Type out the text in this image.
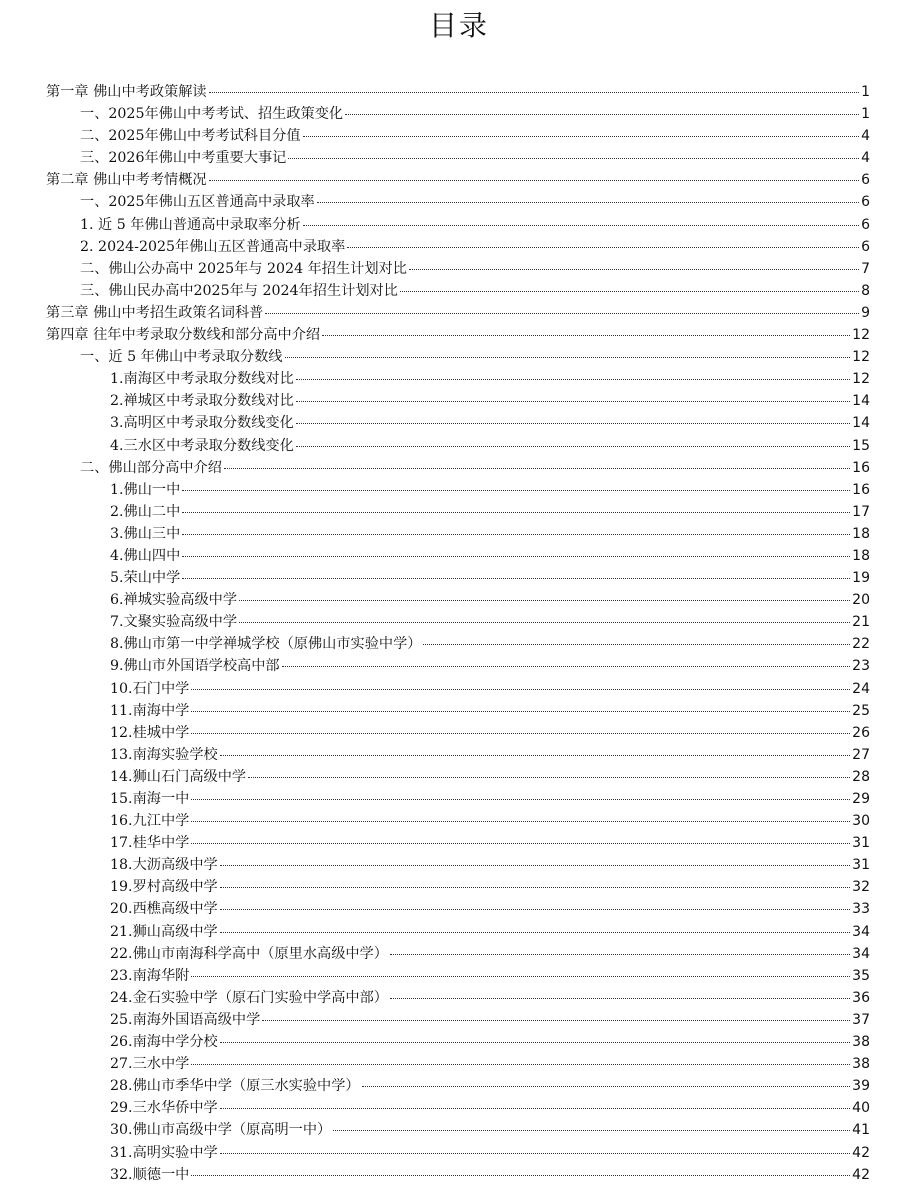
目录
第一章 佛山中考政策解读	1
一、2025年佛山中考考试、招生政策变化	1
二、2025年佛山中考考试科目分值	4
三、2026年佛山中考重要大事记	4
第二章 佛山中考考情概况	6
一、2025年佛山五区普通高中录取率	6
1. 近 5 年佛山普通高中录取率分析	6
2. 2024-2025年佛山五区普通高中录取率	6
二、佛山公办高中 2025年与 2024 年招生计划对比	7
三、佛山民办高中2025年与 2024年招生计划对比	8
第三章 佛山中考招生政策名词科普	9
第四章 往年中考录取分数线和部分高中介绍	12
一、近 5 年佛山中考录取分数线	12
1.南海区中考录取分数线对比	12
2.禅城区中考录取分数线对比	14
3.高明区中考录取分数线变化	14
4.三水区中考录取分数线变化	15
二、佛山部分高中介绍	16
1.佛山一中	16
2.佛山二中	17
3.佛山三中	18
4.佛山四中	18
5.荣山中学	19
6.禅城实验高级中学	20
7.文聚实验高级中学	21
8.佛山市第一中学禅城学校（原佛山市实验中学）	22
9.佛山市外国语学校高中部	23
10.石门中学	24
11.南海中学	25
12.桂城中学	26
13.南海实验学校	27
14.狮山石门高级中学	28
15.南海一中	29
16.九江中学	30
17.桂华中学	31
18.大沥高级中学	31
19.罗村高级中学	32
20.西樵高级中学	33
21.狮山高级中学	34
22.佛山市南海科学高中（原里水高级中学）	34
23.南海华附	35
24.金石实验中学（原石门实验中学高中部）	36
25.南海外国语高级中学	37
26.南海中学分校	38
27.三水中学	38
28.佛山市季华中学（原三水实验中学）	39
29.三水华侨中学	40
30.佛山市高级中学（原高明一中）	41
31.高明实验中学	42
32.顺德一中	42
